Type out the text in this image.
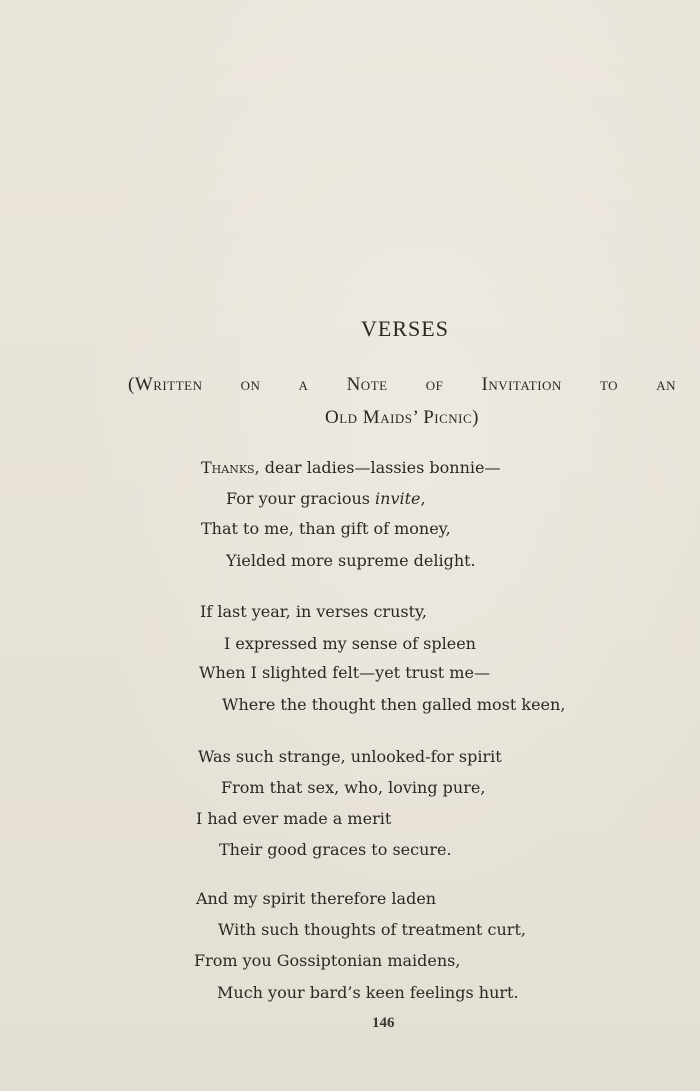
VERSES
(Written on a Note of Invitation to an
Old Maids’ Picnic)
Thanks, dear ladies—lassies bonnie—
For your gracious invite,
That to me, than gift of money,
Yielded more supreme delight.
If last year, in verses crusty,
I expressed my sense of spleen
When I slighted felt—yet trust me—
Where the thought then galled most keen,
Was such strange, unlooked-for spirit
From that sex, who, loving pure,
I had ever made a merit
Their good graces to secure.
And my spirit therefore laden
With such thoughts of treatment curt,
From you Gossiptonian maidens,
Much your bard’s keen feelings hurt.
146
